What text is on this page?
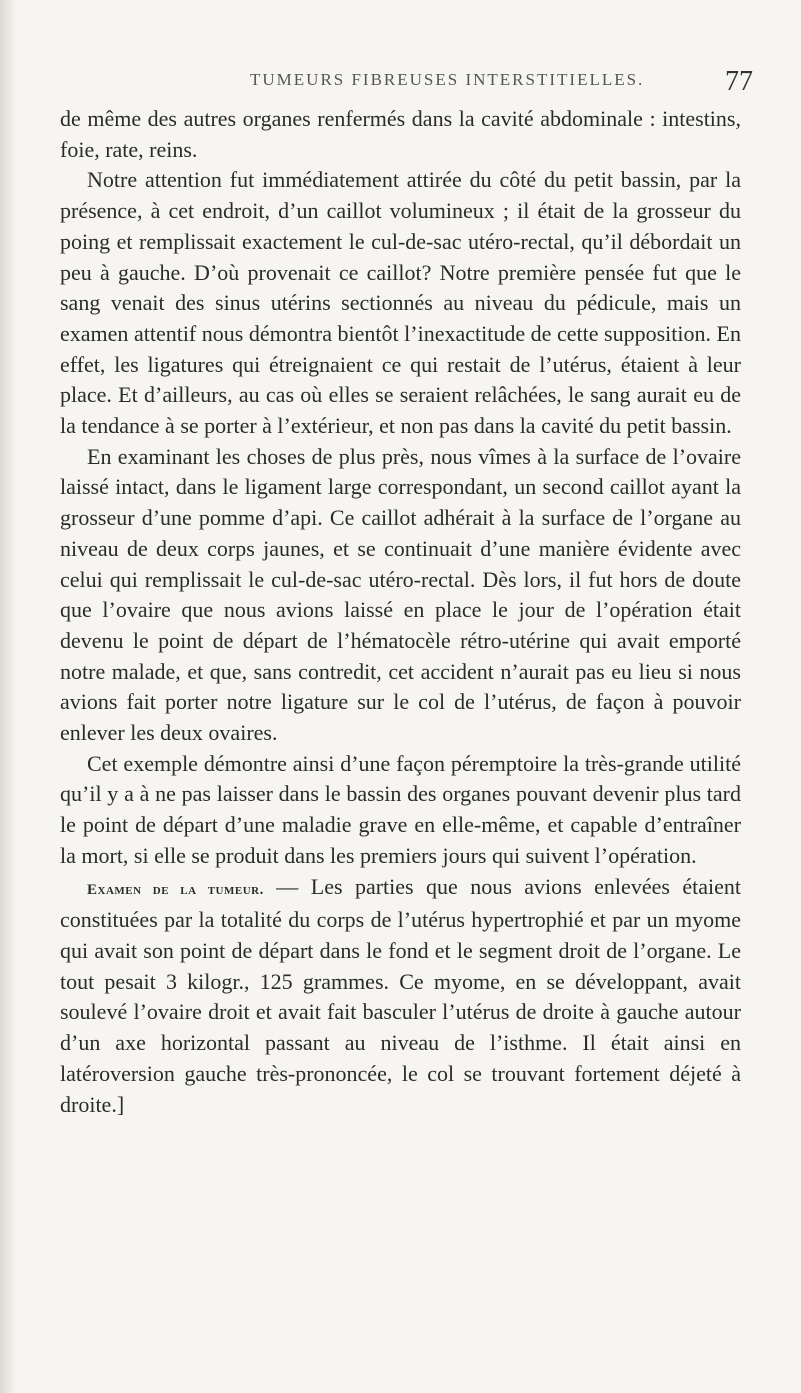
TUMEURS FIBREUSES INTERSTITIELLES.	77

de même des autres organes renfermés dans la cavité abdominale : intestins, foie, rate, reins.

Notre attention fut immédiatement attirée du côté du petit bassin, par la présence, à cet endroit, d’un caillot volumineux ; il était de la grosseur du poing et remplissait exactement le cul-de-sac utéro-rectal, qu’il débordait un peu à gauche. D’où provenait ce caillot? Notre première pensée fut que le sang venait des sinus utérins sectionnés au niveau du pédicule, mais un examen attentif nous démontra bientôt l’inexactitude de cette supposition. En effet, les ligatures qui étreignaient ce qui restait de l’utérus, étaient à leur place. Et d’ailleurs, au cas où elles se seraient relâchées, le sang aurait eu de la tendance à se porter à l’extérieur, et non pas dans la cavité du petit bassin.

En examinant les choses de plus près, nous vîmes à la surface de l’ovaire laissé intact, dans le ligament large correspondant, un second caillot ayant la grosseur d’une pomme d’api. Ce caillot adhérait à la surface de l’organe au niveau de deux corps jaunes, et se continuait d’une manière évidente avec celui qui remplissait le cul-de-sac utéro-rectal. Dès lors, il fut hors de doute que l’ovaire que nous avions laissé en place le jour de l’opération était devenu le point de départ de l’hématocèle rétro-utérine qui avait emporté notre malade, et que, sans contredit, cet accident n’aurait pas eu lieu si nous avions fait porter notre ligature sur le col de l’utérus, de façon à pouvoir enlever les deux ovaires.

Cet exemple démontre ainsi d’une façon péremptoire la très-grande utilité qu’il y a à ne pas laisser dans le bassin des organes pouvant devenir plus tard le point de départ d’une maladie grave en elle-même, et capable d’entraîner la mort, si elle se produit dans les premiers jours qui suivent l’opération.

Examen de la tumeur. — Les parties que nous avions enlevées étaient constituées par la totalité du corps de l’utérus hypertrophié et par un myome qui avait son point de départ dans le fond et le segment droit de l’organe. Le tout pesait 3 kilogr., 125 grammes. Ce myome, en se développant, avait soulevé l’ovaire droit et avait fait basculer l’utérus de droite à gauche autour d’un axe horizontal passant au niveau de l’isthme. Il était ainsi en latéroversion gauche très-prononcée, le col se trouvant fortement déjeté à droite.]
